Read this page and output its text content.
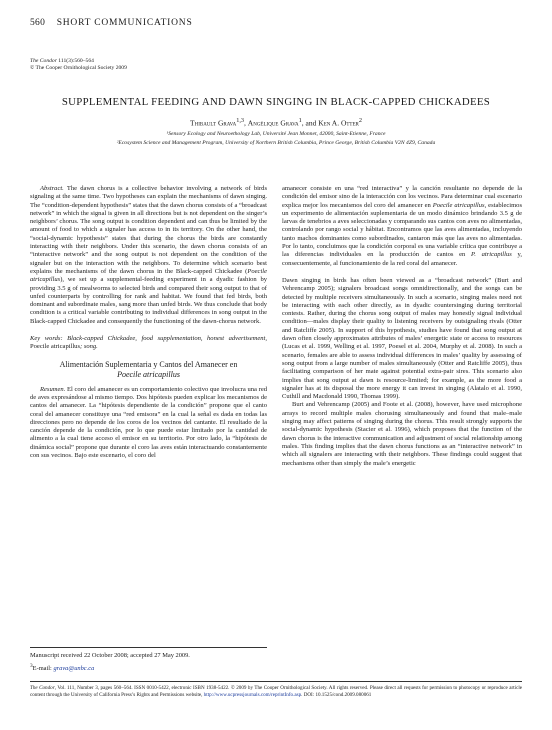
560 SHORT COMMUNICATIONS
The Condor 111(3):560–564
© The Cooper Ornithological Society 2009
SUPPLEMENTAL FEEDING AND DAWN SINGING IN BLACK-CAPPED CHICKADEES
Thibault Grava$^{1,3}$, Angélique Grava$^1$, and Ken A. Otter$^2$
¹Sensory Ecology and Neuroethology Lab, Université Jean Monnet, 42000, Saint-Etienne, France
²Ecosystem Science and Management Program, University of Northern British Columbia, Prince George, British Columbia V2N 4Z9, Canada

Abstract. The dawn chorus is a collective behavior involving a network of birds signaling at the same time. Two hypotheses can explain the mechanisms of dawn singing. The “condition-dependent hypothesis” states that the dawn chorus consists of a “broadcast network” in which the signal is given in all directions but is not dependent on the singer’s neighbors’ chorus. The song output is condition dependent and can thus be limited by the amount of food to which a signaler has access to in its territory. On the other hand, the “social-dynamic hypothesis” states that during the chorus the birds are constantly interacting with their neighbors. Under this scenario, the dawn chorus consists of an “interactive network” and the song output is not dependent on the condition of the signaler but on the interaction with the neighbors. To determine which scenario best explains the mechanisms of the dawn chorus in the Black-capped Chickadee (Poecile atricapillus), we set up a supplemental-feeding experiment in a dyadic fashion by providing 3.5 g of mealworms to selected birds and compared their song output to that of unfed counterparts by controlling for rank and habitat. We found that fed birds, both dominant and subordinate males, sang more than unfed birds. We thus conclude that body condition is a critical variable contributing to individual differences in song output in the Black-capped Chickadee and consequently the functioning of the dawn-chorus network.

Key words: Black-capped Chickadee, food supplementation, honest advertisement, Poecile atricapillus; song.

Alimentación Suplementaria y Cantos del Amanecer en
Poecile atricapillus

Resumen. El coro del amanecer es un comportamiento colectivo que involucra una red de aves expresándose al mismo tiempo. Dos hipótesis pueden explicar los mecanismos de cantos del amanecer. La “hipótesis dependiente de la condición” propone que el canto coral del amanecer constituye una “red emisora” en la cual la señal es dada en todas las direcciones pero no depende de los coros de los vecinos del cantante. El resultado de la canción depende de la condición, por lo que puede estar limitado por la cantidad de alimento a la cual tiene acceso el emisor en su territorio. Por otro lado, la “hipótesis de dinámica social” propone que durante el coro las aves están interactuando constantemente con sus vecinos. Bajo este escenario, el coro del

amanecer consiste en una “red interactiva” y la canción resultante no depende de la condición del emisor sino de la interacción con los vecinos. Para determinar cual escenario explica mejor los mecanismos del coro del amanecer en Poecile atricapillus, establecimos un experimento de alimentación suplementaria de un modo dinámico brindando 3.5 g de larvas de tenebrios a aves seleccionadas y comparando sus cantos con aves no alimentadas, controlando por rango social y hábitat. Encontramos que las aves alimentadas, incluyendo tanto machos dominantes como subordinados, cantaron más que las aves no alimentadas. Por lo tanto, concluimos que la condición corporal es una variable crítica que contribuye a las diferencias individuales en la producción de cantos en P. atricapillus y, consecuentemente, al funcionamiento de la red coral del amanecer.

Dawn singing in birds has often been viewed as a “broadcast network” (Burt and Vehrencamp 2005); signalers broadcast songs omnidirectionally, and the songs can be detected by multiple receivers simultaneously. In such a scenario, singing males need not be interacting with each other directly, as in dyadic countersinging during territorial contests. Rather, during the chorus song output of males may honestly signal individual condition—males display their quality to listening receivers by outsignaling rivals (Otter and Ratcliffe 2005). In support of this hypothesis, studies have found that song output at dawn often closely approximates attributes of males’ energetic state or access to resources (Lucas et al. 1999, Welling et al. 1997, Poesel et al. 2004, Murphy et al. 2008). In such a scenario, females are able to assess individual differences in males’ quality by assessing of song output from a large number of males simultaneously (Otter and Ratcliffe 2005), thus facilitating comparison of her mate against potential extra-pair sires. This scenario also implies that song output at dawn is resource-limited; for example, as the more food a signaler has at its disposal the more energy it can invest in singing (Alatalo et al. 1990, Cuthill and Macdonald 1990, Thomas 1999).

Burt and Vehrencamp (2005) and Foote et al. (2008), however, have used microphone arrays to record multiple males chorusing simultaneously and found that male–male singing may affect patterns of singing during the chorus. This result strongly supports the social-dynamic hypothesis (Stacier et al. 1996), which proposes that the function of the dawn chorus is the interactive communication and adjustment of social relationship among males. This finding implies that the dawn chorus functions as an “interactive network” in which all signalers are interacting with their neighbors. These findings could suggest that mechanisms other than simply the male’s energetic

Manuscript received 22 October 2008; accepted 27 May 2009.
$^3$E-mail: grava@unbc.ca
The Condor, Vol. 111, Number 3, pages 560–564. ISSN 0010-5422, electronic ISBN 1938-5422. © 2009 by The Cooper Ornithological Society. All rights reserved. Please direct all requests for permission to photocopy or reproduce article content through the University of California Press’s Rights and Permissions website, http://www.ucpressjournals.com/reprintInfo.asp. DOI: 10.1525/cond.2009.080061
